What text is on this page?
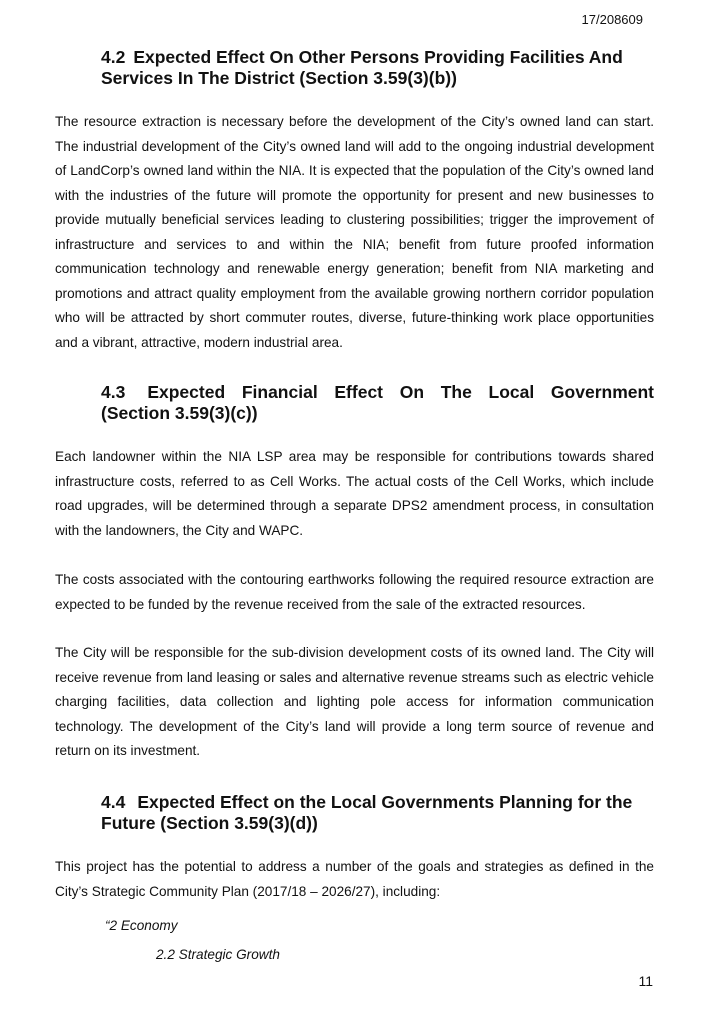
17/208609
4.2 Expected Effect On Other Persons Providing Facilities And Services In The District (Section 3.59(3)(b))

The resource extraction is necessary before the development of the City’s owned land can start. The industrial development of the City’s owned land will add to the ongoing industrial development of LandCorp’s owned land within the NIA. It is expected that the population of the City’s owned land with the industries of the future will promote the opportunity for present and new businesses to provide mutually beneficial services leading to clustering possibilities; trigger the improvement of infrastructure and services to and within the NIA; benefit from future proofed information communication technology and renewable energy generation; benefit from NIA marketing and promotions and attract quality employment from the available growing northern corridor population who will be attracted by short commuter routes, diverse, future-thinking work place opportunities and a vibrant, attractive, modern industrial area.

4.3 Expected Financial Effect On The Local Government (Section 3.59(3)(c))

Each landowner within the NIA LSP area may be responsible for contributions towards shared infrastructure costs, referred to as Cell Works. The actual costs of the Cell Works, which include road upgrades, will be determined through a separate DPS2 amendment process, in consultation with the landowners, the City and WAPC.

The costs associated with the contouring earthworks following the required resource extraction are expected to be funded by the revenue received from the sale of the extracted resources.

The City will be responsible for the sub-division development costs of its owned land. The City will receive revenue from land leasing or sales and alternative revenue streams such as electric vehicle charging facilities, data collection and lighting pole access for information communication technology. The development of the City’s land will provide a long term source of revenue and return on its investment.

4.4 Expected Effect on the Local Governments Planning for the Future (Section 3.59(3)(d))

This project has the potential to address a number of the goals and strategies as defined in the City’s Strategic Community Plan (2017/18 – 2026/27), including:

“2 Economy
2.2 Strategic Growth
11
